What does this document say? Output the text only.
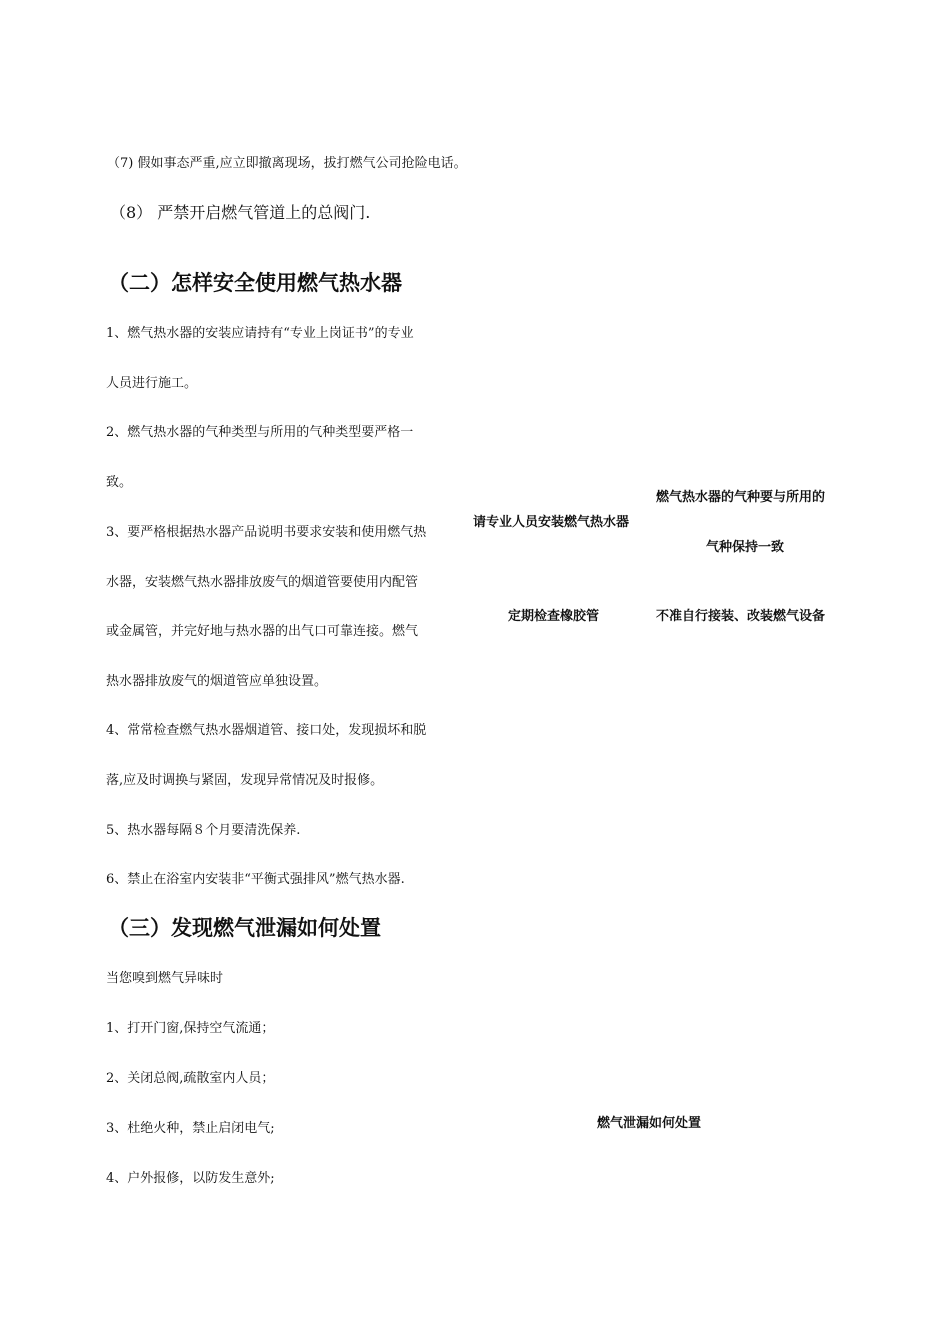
（7) 假如事态严重,应立即撤离现场，拔打燃气公司抢险电话。
（8） 严禁开启燃气管道上的总阀门.
（二）怎样安全使用燃气热水器
1、燃气热水器的安装应请持有“专业上岗证书”的专业
人员进行施工。
2、燃气热水器的气种类型与所用的气种类型要严格一
致。
3、要严格根据热水器产品说明书要求安装和使用燃气热
水器，安装燃气热水器排放废气的烟道管要使用内配管
或金属管，并完好地与热水器的出气口可靠连接。燃气
热水器排放废气的烟道管应单独设置。
4、常常检查燃气热水器烟道管、接口处，发现损坏和脱
落,应及时调换与紧固，发现异常情况及时报修。
5、热水器每隔８个月要清洗保养.
6、禁止在浴室内安装非“平衡式强排风”燃气热水器.
燃气热水器的气种要与所用的
请专业人员安装燃气热水器
气种保持一致
定期检查橡胶管	不准自行接装、改装燃气设备
（三）发现燃气泄漏如何处置
当您嗅到燃气异味时
1、打开门窗,保持空气流通；
2、关闭总阀,疏散室内人员；
3、杜绝火种，禁止启闭电气;
4、户外报修，以防发生意外;
燃气泄漏如何处置
